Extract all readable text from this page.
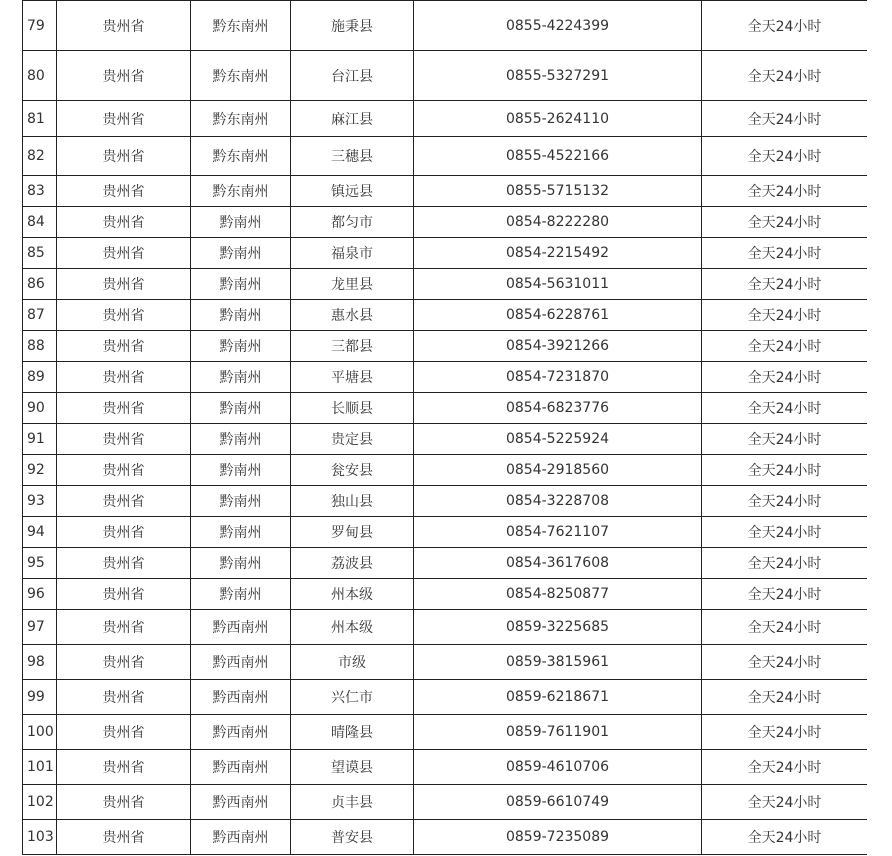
79	贵州省	黔东南州	施秉县	0855-4224399	全天24小时
80	贵州省	黔东南州	台江县	0855-5327291	全天24小时
81	贵州省	黔东南州	麻江县	0855-2624110	全天24小时
82	贵州省	黔东南州	三穗县	0855-4522166	全天24小时
83	贵州省	黔东南州	镇远县	0855-5715132	全天24小时
84	贵州省	黔南州	都匀市	0854-8222280	全天24小时
85	贵州省	黔南州	福泉市	0854-2215492	全天24小时
86	贵州省	黔南州	龙里县	0854-5631011	全天24小时
87	贵州省	黔南州	惠水县	0854-6228761	全天24小时
88	贵州省	黔南州	三都县	0854-3921266	全天24小时
89	贵州省	黔南州	平塘县	0854-7231870	全天24小时
90	贵州省	黔南州	长顺县	0854-6823776	全天24小时
91	贵州省	黔南州	贵定县	0854-5225924	全天24小时
92	贵州省	黔南州	瓮安县	0854-2918560	全天24小时
93	贵州省	黔南州	独山县	0854-3228708	全天24小时
94	贵州省	黔南州	罗甸县	0854-7621107	全天24小时
95	贵州省	黔南州	荔波县	0854-3617608	全天24小时
96	贵州省	黔南州	州本级	0854-8250877	全天24小时
97	贵州省	黔西南州	州本级	0859-3225685	全天24小时
98	贵州省	黔西南州	市级	0859-3815961	全天24小时
99	贵州省	黔西南州	兴仁市	0859-6218671	全天24小时
100	贵州省	黔西南州	晴隆县	0859-7611901	全天24小时
101	贵州省	黔西南州	望谟县	0859-4610706	全天24小时
102	贵州省	黔西南州	贞丰县	0859-6610749	全天24小时
103	贵州省	黔西南州	普安县	0859-7235089	全天24小时
